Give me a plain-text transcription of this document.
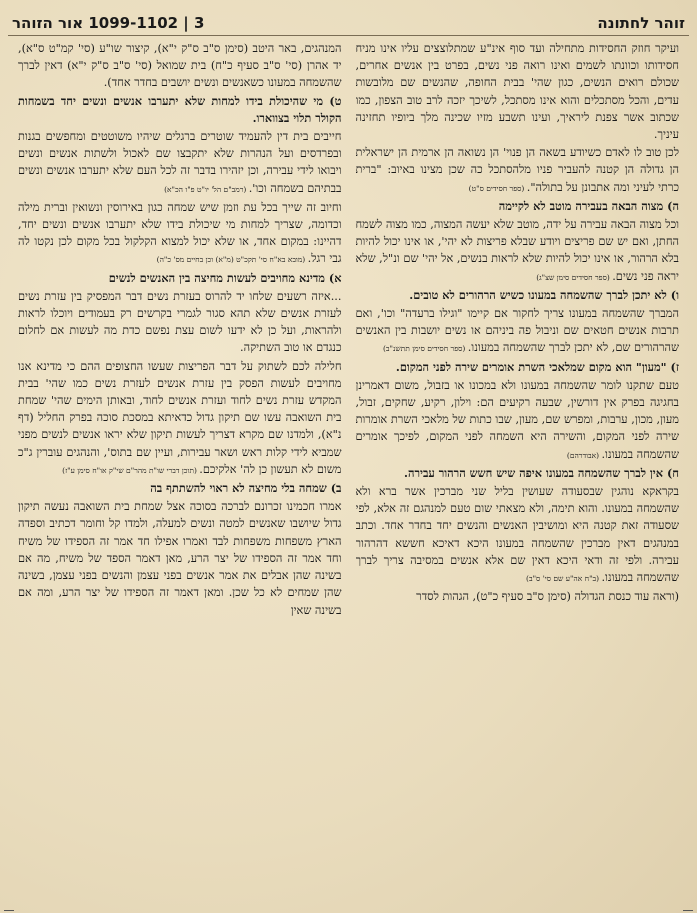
זוהר לחתונה
3 | 1099-1102 אור הזוהר

ועיקר חוזק החסידות מתחילה ועד סוף אינ"ע שמתלוצצים עליו אינו מניח חסידותו וכוונתו לשמים ואינו רואה פני נשים, בפרט בין אנשים אחרים, שכולם רואים הנשים, כגון שהי' בבית החופה, שהנשים שם מלובשות עדים, והכל מסתכלים והוא אינו מסתכל, לשיכך יזכה לרב טוב הצפון, כמו שכתוב אשר צפנת ליראיך, ועינו תשבע מזיו שכינה מלך ביופיו תחזינה עיניך.

לכן טוב לו לאדם כשיודע בשאה הן פנוי' הן נשואה הן ארמית הן ישראלית הן גדולה הן קטנה להעביר פניו מלהסתכל כה שכן מצינו באיוב: "ברית כרתי לעיני ומה אתבונן על בתולה". (ספר חסידים ס"ט)

ה) מצוה הבאה בעבירה מוטב לא לקיימה

וכל מצוה הבאה עבירה על ידה, מוטב שלא יעשה המצוה, כמו מצוה לשמח החתן, ואם יש שם פריצים ויודע שבלא פריצות לא יהי', או אינו יכול להיות בלא הרהור, או אינו יכול להיות שלא לראות בנשים, אל יהי' שם ונ"ל, שלא יראה פני נשים. (ספר חסידים סימן שצ"ג)

ו) לא יתכן לברך שהשמחה במעונו כשיש הרהורים לא טובים.

המברך שהשמחה במעונו צריך לחקור אם קיימו "וגילו ברעדה" וכו', ואם תרבות אנשים חטאים שם וניבול פה ביניהם או נשים יושבות בין האנשים שהרהורים שם, לא יתכן לברך שהשמחה במעונו. (ספר חסידים סימן תתשנ"ב)

ז) "מעון" הוא מקום שמלאכי השרת אומרים שירה לפני המקום.

טעם שתקנו לומר שהשמחה במעונו ולא במכונו או בזבול, משום דאמרינן בחגיגה בפרק אין דורשין, שבעה רקיעים הם: וילון, רקיע, שחקים, זבול, מעון, מכון, ערבות, ומפרש שם, מעון, שבו כתות של מלאכי השרת אומרות שירה לפני המקום, והשירה היא השמחה לפני המקום, לפיכך אומרים שהשמחה במעונו. (אבודרהם)

ח) אין לברך שהשמחה במעונו איפה שיש חשש הרהור עבירה.

בקראקא נוהגין שבסעודה שעושין בליל שני מברכין אשר ברא ולא שהשמחה במעונו. והוא תימה, ולא מצאתי שום טעם למנהגם זה אלא, לפי שסעודה זאת קטנה היא ומושיבין האנשים והנשים יחד בחדר אחד. וכתב במנהגים דאין מברכין שהשמחה במעונו היכא דאיכא חששא דהרהור עבירה. ולפי זה ודאי היכא דאין שם אלא אנשים במסיבה צריך לברך שהשמחה במעונו. (ב"ח אה"ע שם סי' ס"ב)

(וראה עוד כנסת הגדולה (סימן ס"ב סעיף כ"ט), הגהות לסדר

המנהגים, באר היטב (סימן ס"ב ס"ק י"א), קיצור שו"ע (סי' קמ"ט ס"א), יד אהרן (סי' ס"ב סעיף כ"ח) בית שמואל (סי' ס"ב ס"ק י"א) דאין לברך שהשמחה במעונו כשאנשים ונשים יושבים בחדר אחד).

ט) מי שהיכולת בידו למחות שלא יתערבו אנשים ונשים יחד בשמחות הקולר תלוי בצווארו.

חייבים בית דין להעמיד שוטרים ברגלים שיהיו משוטטים ומחפשים בגנות ובפרדסים ועל הנהרות שלא יתקבצו שם לאכול ולשתות אנשים ונשים ויבואו לידי עבירה, וכן יזהירו בדבר זה לכל העם שלא יתערבו אנשים ונשים בבתיהם בשמחה וכו'. (רמב"ם הל' יו"ט פ"ו הכ"א)

וחיוב זה שייך בכל עת וזמן שיש שמחה כגון באירוסין ונשואין וברית מילה וכדומה, שצריך למחות מי שיכולת בידו שלא יתערבו אנשים ונשים יחד, דהיינו: במקום אחד, או שלא יכול למצוא הקלקול בכל מקום לכן נקטו לה גבי רגל. (מובא בא"ח סי' תקכ"ט (מ"א) וכן בחיים מס' כ"ה)

א) מדינא מחויבים לעשות מחיצה בין האנשים לנשים

...איזה רשעים שלחו יד להרוס בעזרת נשים דבר המפסיק בין עזרת נשים לעזרת אנשים שלא תהא סגור לגמרי בקרשים רק בעמודים ויוכלו לראות ולהראות, ועל כן לא ידעו לשום עצת נפשם כדת מה לעשות אם לחלום כנגדם או טוב השתיקה.

חלילה לכם לשתוק על דבר הפריצות שעשו החצופים ההם כי מדינא אנו מחויבים לעשות הפסק בין עזרת אנשים לעזרת נשים כמו שהי' בבית המקדש עזרת נשים לחוד ועזרת אנשים לחוד, ובאותן הימים שהי' שמחת בית השואבה עשו שם תיקון גדול כדאיתא במסכת סוכה בפרק החליל (דף נ"א), ולמדנו שם מקרא דצריך לעשות תיקון שלא יראו אנשים לנשים מפני שמביא לידי קלות ראש ושאר עבירות, ועיין שם בתוס', והנהגים עוברין ג"כ משום לא תעשון כן לה' אלקיכם. (תוכן דברי שו"ת מהר"ם שי"ק או"ח סימן ע"ז)

ב) שמחה בלי מחיצה לא ראוי להשתתף בה

אמרו חכמינו זכרונם לברכה בסוכה אצל שמחת בית השואבה נעשה תיקון גדול שיושבו שאנשים למטה ונשים למעלה, ולמדו קל וחומר דכתיב וספדה הארץ משפחות משפחות לבד ואמרו אפילו חד אמר זה הספידו של משיח וחד אמר זה הספידו של יצר הרע, מאן דאמר הספד של משיח, מה אם בשינה שהן אבלים את אמר אנשים בפני עצמן והנשים בפני עצמן, בשינה שהן שמחים לא כל שכן. ומאן דאמר זה הספידו של יצר הרע, ומה אם בשינה שאין
